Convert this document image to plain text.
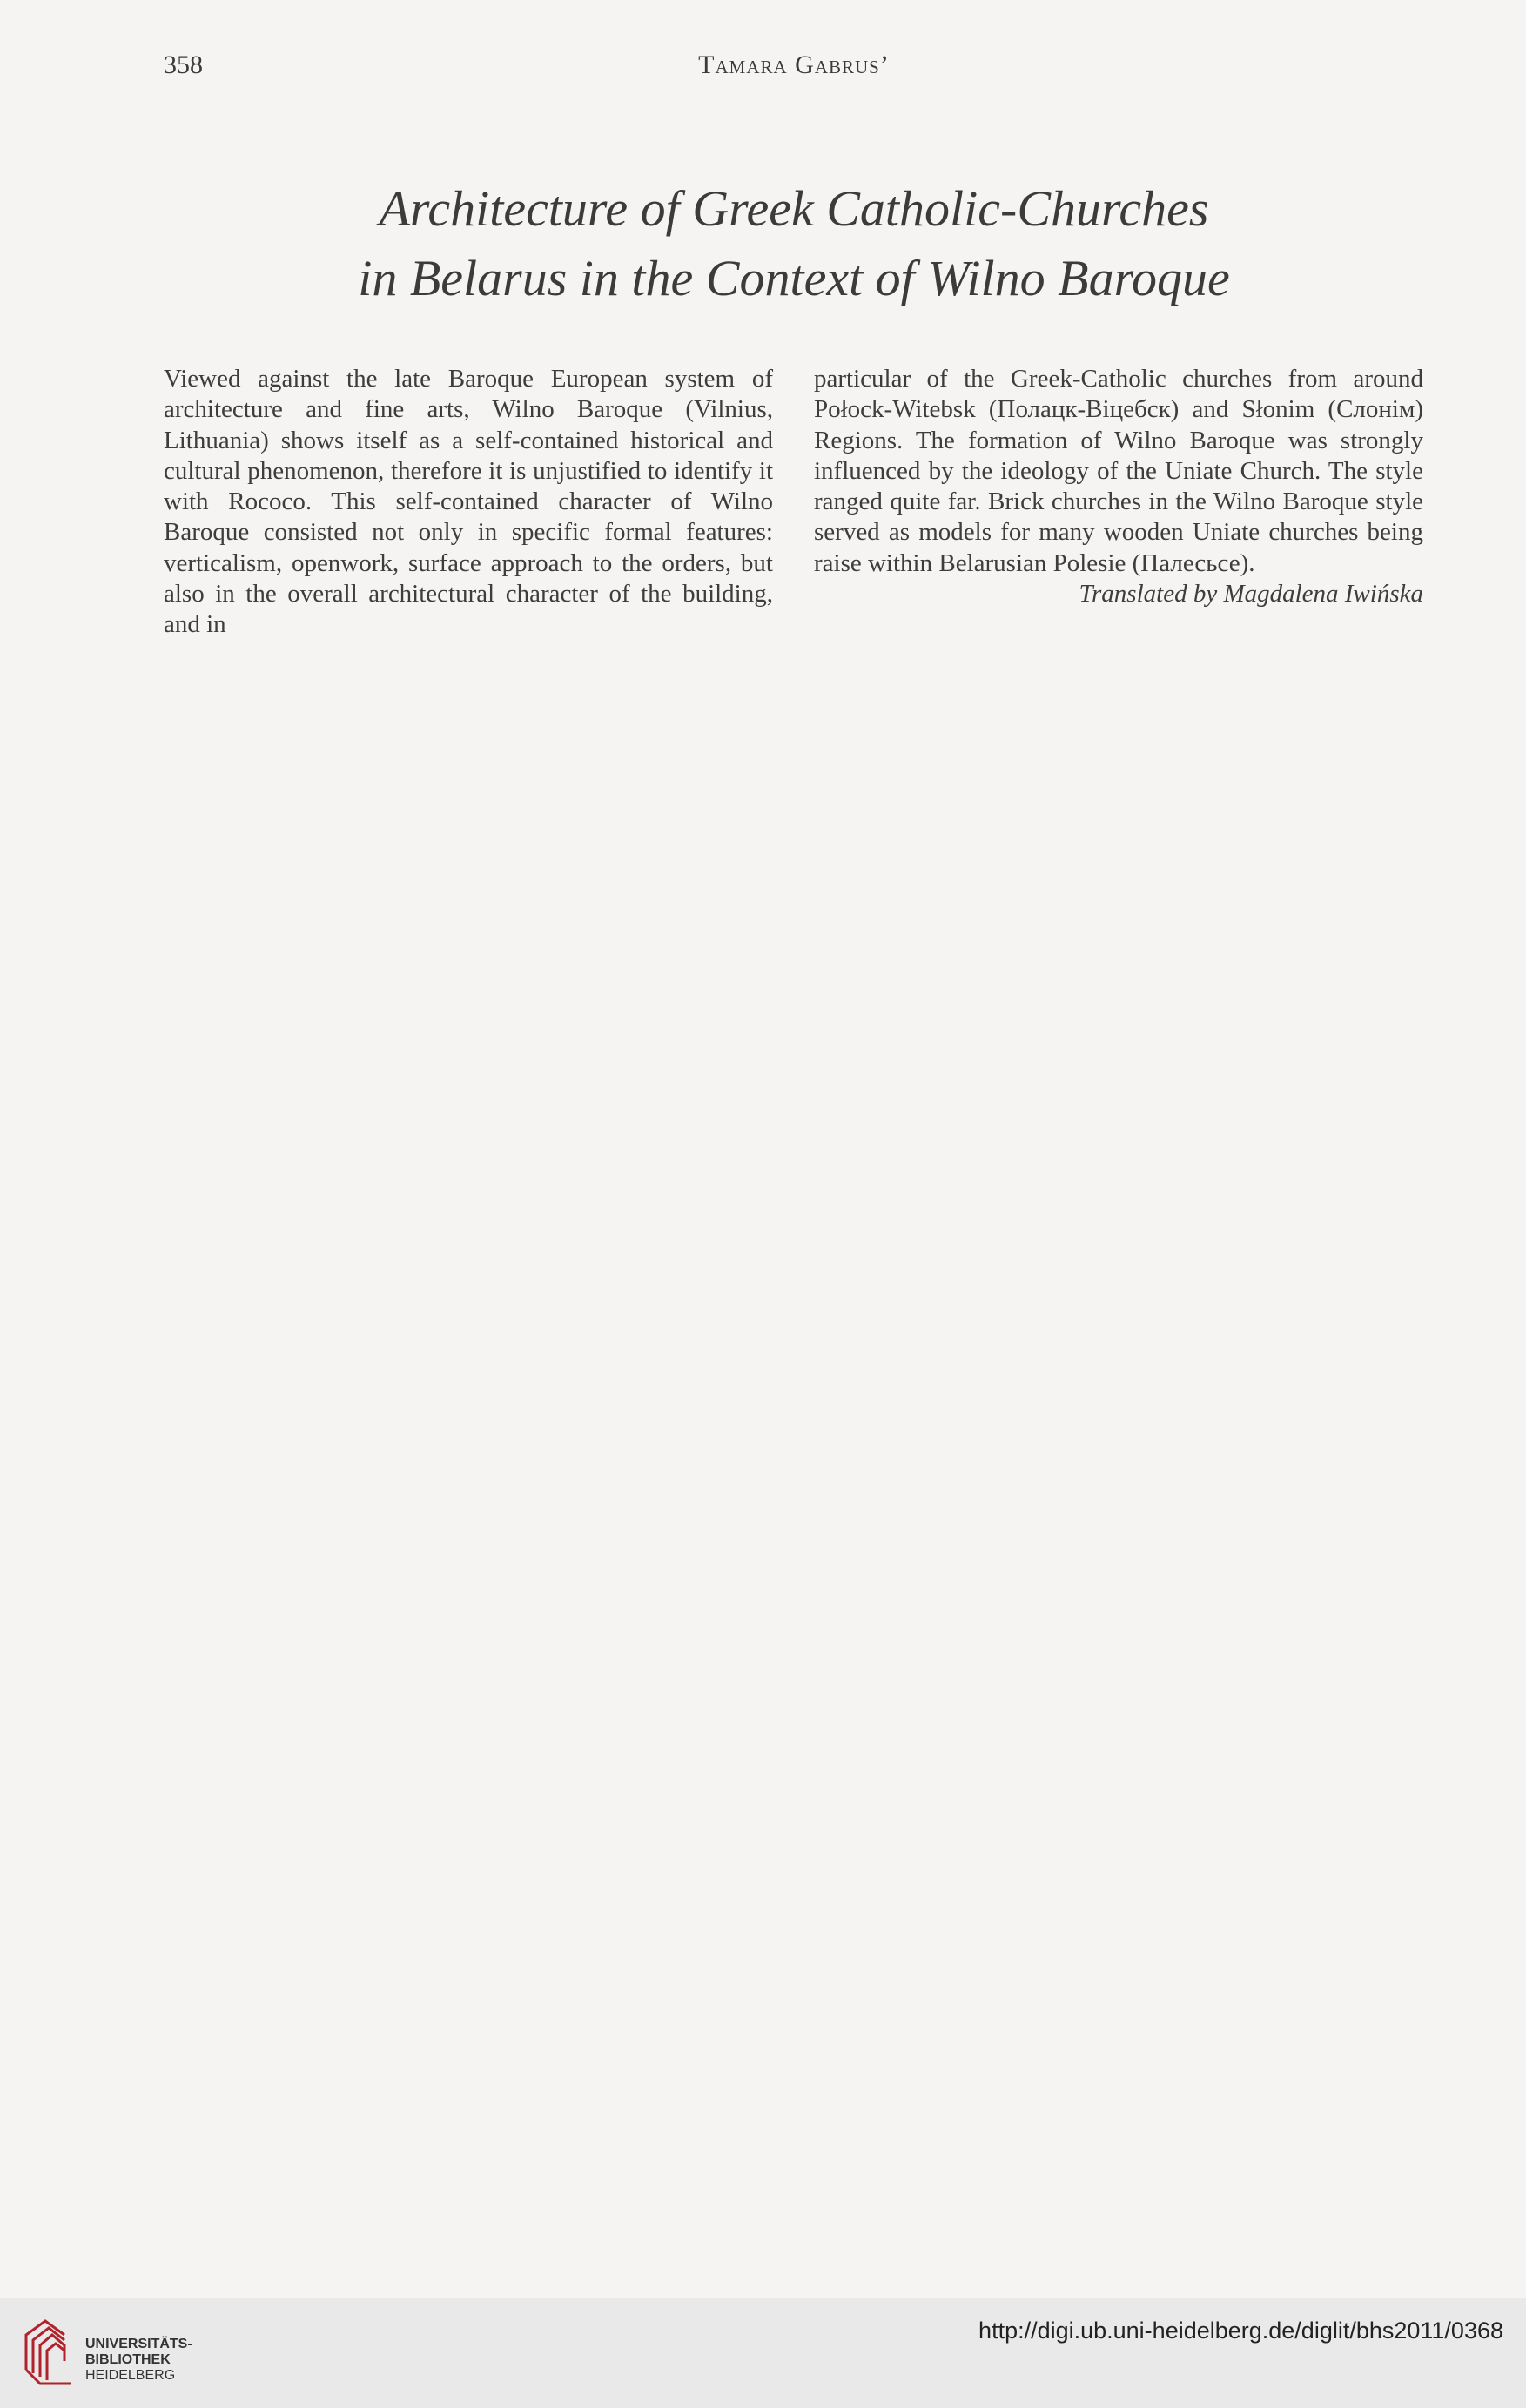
358	Tamara Gabrus’
Architecture of Greek Catholic-Churches
in Belarus in the Context of Wilno Baroque

Viewed against the late Baroque European system of architecture and fine arts, Wilno Baroque (Vilnius, Lithuania) shows itself as a self-contained historical and cultural phenomenon, therefore it is unjustified to identify it with Rococo. This self-contained character of Wilno Baroque consisted not only in specific formal features: verticalism, openwork, surface approach to the orders, but also in the overall architectural character of the building, and in

particular of the Greek-Catholic churches from around Połock-Witebsk (Полацк-Віцебск) and Słonim (Слонім) Regions. The formation of Wilno Baroque was strongly influenced by the ideology of the Uniate Church. The style ranged quite far. Brick churches in the Wilno Baroque style served as models for many wooden Uniate churches being raise within Belarusian Polesie (Палесьсе).

Translated by Magdalena Iwińska

UNIVERSITÄTS-
BIBLIOTHEK
HEIDELBERG
http://digi.ub.uni-heidelberg.de/diglit/bhs2011/0368
